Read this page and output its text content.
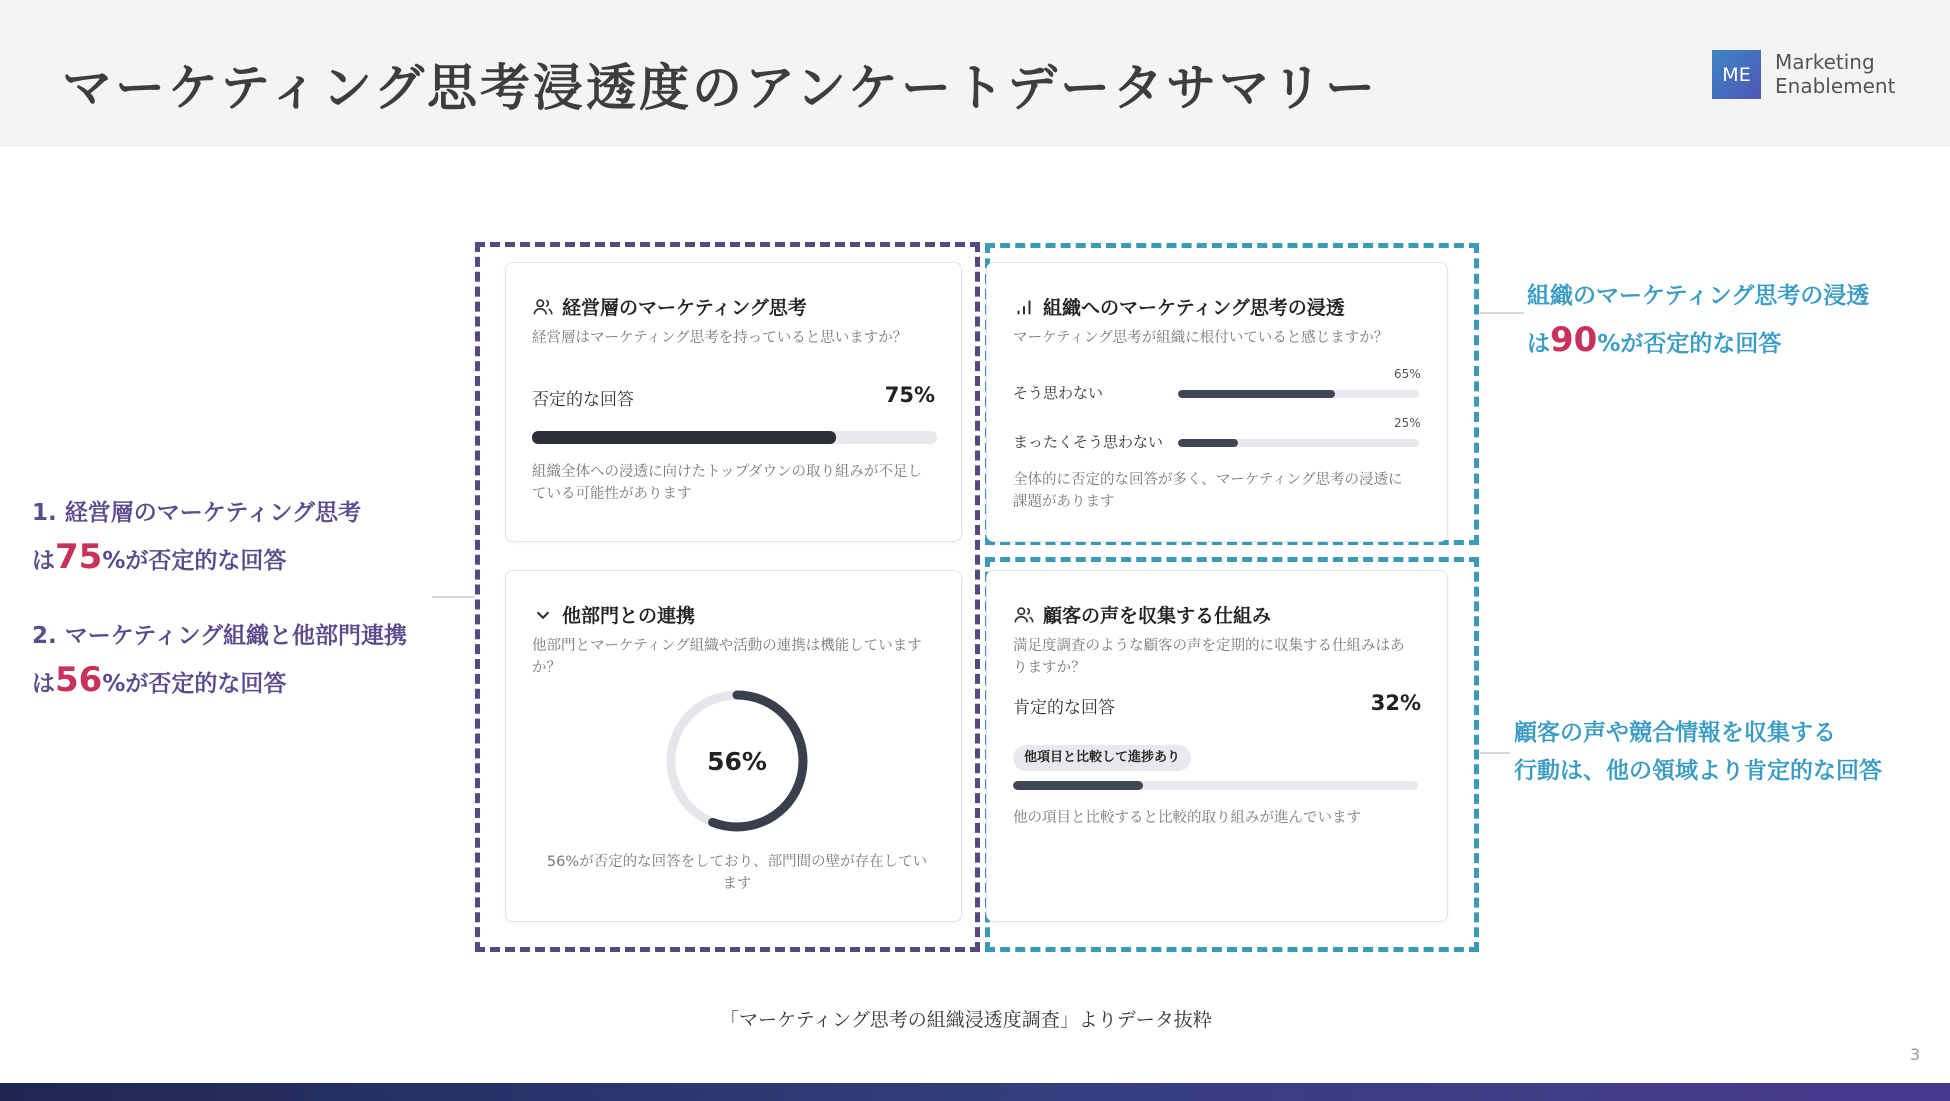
マーケティング思考浸透度のアンケートデータサマリー	ME
Marketing
Enablement
経営層のマーケティング思考
経営層はマーケティング思考を持っていると思いますか？
否定的な回答	75%
組織全体への浸透に向けたトップダウンの取り組みが不足している可能性があります
組織へのマーケティング思考の浸透
マーケティング思考が組織に根付いていると感じますか？
65%
そう思わない
25%
まったくそう思わない
全体的に否定的な回答が多く、マーケティング思考の浸透に課題があります
他部門との連携
他部門とマーケティング組織や活動の連携は機能していますか？
56%
56%が否定的な回答をしており、部門間の壁が存在しています
顧客の声を収集する仕組み
満足度調査のような顧客の声を定期的に収集する仕組みはありますか？
肯定的な回答	32%
他項目と比較して進捗あり
他の項目と比較すると比較的取り組みが進んでいます
1. 経営層のマーケティング思考
は75%が否定的な回答
2. マーケティング組織と他部門連携
は56%が否定的な回答
組織のマーケティング思考の浸透
は90%が否定的な回答
顧客の声や競合情報を収集する
行動は、他の領域より肯定的な回答
「マーケティング思考の組織浸透度調査」よりデータ抜粋
3
